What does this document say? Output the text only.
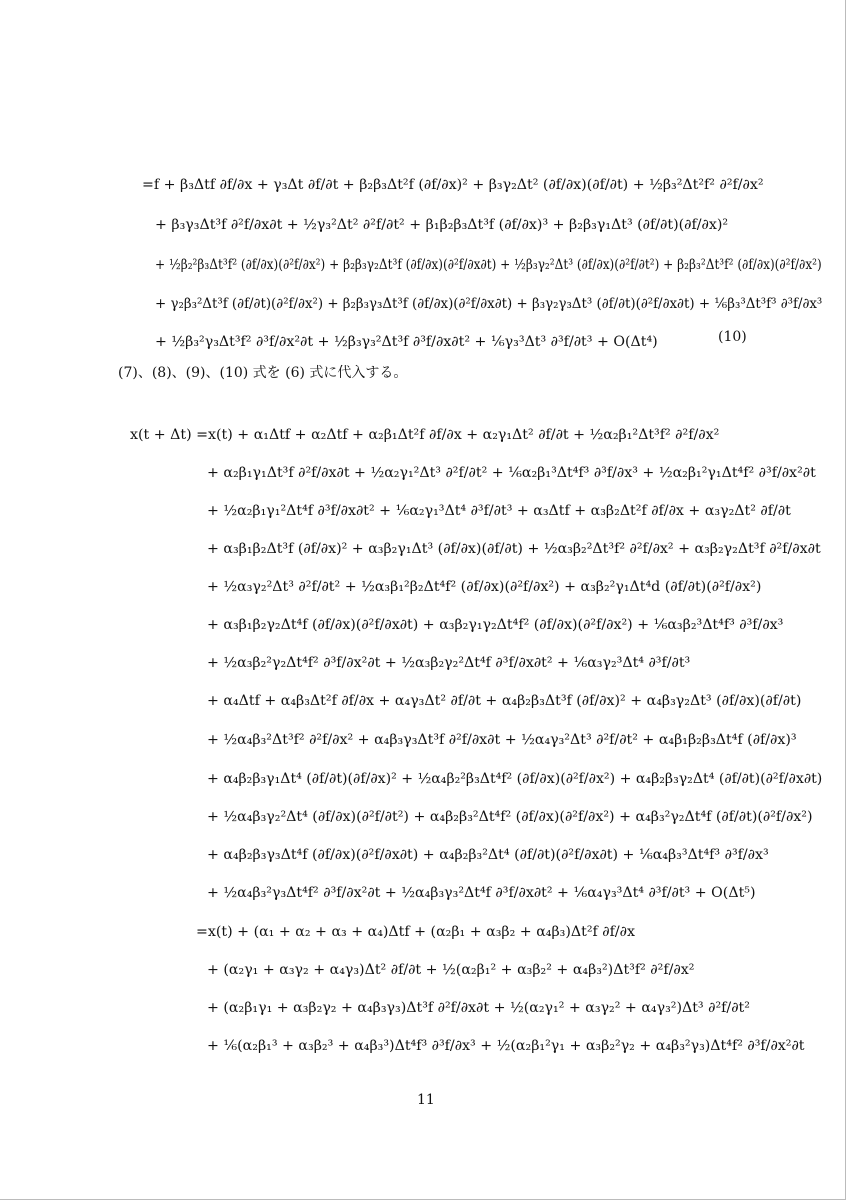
=f + β₃Δtf ∂f/∂x + γ₃Δt ∂f/∂t + β₂β₃Δt²f (∂f/∂x)² + β₃γ₂Δt² (∂f/∂x)(∂f/∂t) + ½β₃²Δt²f² ∂²f/∂x²
+ β₃γ₃Δt³f ∂²f/∂x∂t + ½γ₃²Δt² ∂²f/∂t² + β₁β₂β₃Δt³f (∂f/∂x)³ + β₂β₃γ₁Δt³ (∂f/∂t)(∂f/∂x)²
+ ½β₂²β₃Δt³f² (∂f/∂x)(∂²f/∂x²) + β₂β₃γ₂Δt³f (∂f/∂x)(∂²f/∂x∂t) + ½β₃γ₂²Δt³ (∂f/∂x)(∂²f/∂t²) + β₂β₃²Δt³f² (∂f/∂x)(∂²f/∂x²)
+ γ₂β₃²Δt³f (∂f/∂t)(∂²f/∂x²) + β₂β₃γ₃Δt³f (∂f/∂x)(∂²f/∂x∂t) + β₃γ₂γ₃Δt³ (∂f/∂t)(∂²f/∂x∂t) + ⅙β₃³Δt³f³ ∂³f/∂x³
+ ½β₃²γ₃Δt³f² ∂³f/∂x²∂t + ½β₃γ₃²Δt³f ∂³f/∂x∂t² + ⅙γ₃³Δt³ ∂³f/∂t³ + O(Δt⁴)	(10)
(7)、(8)、(9)、(10) 式を (6) 式に代入する。
x(t + Δt) =x(t) + α₁Δtf + α₂Δtf + α₂β₁Δt²f ∂f/∂x + α₂γ₁Δt² ∂f/∂t + ½α₂β₁²Δt³f² ∂²f/∂x²
+ α₂β₁γ₁Δt³f ∂²f/∂x∂t + ½α₂γ₁²Δt³ ∂²f/∂t² + ⅙α₂β₁³Δt⁴f³ ∂³f/∂x³ + ½α₂β₁²γ₁Δt⁴f² ∂³f/∂x²∂t
+ ½α₂β₁γ₁²Δt⁴f ∂³f/∂x∂t² + ⅙α₂γ₁³Δt⁴ ∂³f/∂t³ + α₃Δtf + α₃β₂Δt²f ∂f/∂x + α₃γ₂Δt² ∂f/∂t
+ α₃β₁β₂Δt³f (∂f/∂x)² + α₃β₂γ₁Δt³ (∂f/∂x)(∂f/∂t) + ½α₃β₂²Δt³f² ∂²f/∂x² + α₃β₂γ₂Δt³f ∂²f/∂x∂t
+ ½α₃γ₂²Δt³ ∂²f/∂t² + ½α₃β₁²β₂Δt⁴f² (∂f/∂x)(∂²f/∂x²) + α₃β₂²γ₁Δt⁴d (∂f/∂t)(∂²f/∂x²)
+ α₃β₁β₂γ₂Δt⁴f (∂f/∂x)(∂²f/∂x∂t) + α₃β₂γ₁γ₂Δt⁴f² (∂f/∂x)(∂²f/∂x²) + ⅙α₃β₂³Δt⁴f³ ∂³f/∂x³
+ ½α₃β₂²γ₂Δt⁴f² ∂³f/∂x²∂t + ½α₃β₂γ₂²Δt⁴f ∂³f/∂x∂t² + ⅙α₃γ₂³Δt⁴ ∂³f/∂t³
+ α₄Δtf + α₄β₃Δt²f ∂f/∂x + α₄γ₃Δt² ∂f/∂t + α₄β₂β₃Δt³f (∂f/∂x)² + α₄β₃γ₂Δt³ (∂f/∂x)(∂f/∂t)
+ ½α₄β₃²Δt³f² ∂²f/∂x² + α₄β₃γ₃Δt³f ∂²f/∂x∂t + ½α₄γ₃²Δt³ ∂²f/∂t² + α₄β₁β₂β₃Δt⁴f (∂f/∂x)³
+ α₄β₂β₃γ₁Δt⁴ (∂f/∂t)(∂f/∂x)² + ½α₄β₂²β₃Δt⁴f² (∂f/∂x)(∂²f/∂x²) + α₄β₂β₃γ₂Δt⁴ (∂f/∂t)(∂²f/∂x∂t)
+ ½α₄β₃γ₂²Δt⁴ (∂f/∂x)(∂²f/∂t²) + α₄β₂β₃²Δt⁴f² (∂f/∂x)(∂²f/∂x²) + α₄β₃²γ₂Δt⁴f (∂f/∂t)(∂²f/∂x²)
+ α₄β₂β₃γ₃Δt⁴f (∂f/∂x)(∂²f/∂x∂t) + α₄β₂β₃²Δt⁴ (∂f/∂t)(∂²f/∂x∂t) + ⅙α₄β₃³Δt⁴f³ ∂³f/∂x³
+ ½α₄β₃²γ₃Δt⁴f² ∂³f/∂x²∂t + ½α₄β₃γ₃²Δt⁴f ∂³f/∂x∂t² + ⅙α₄γ₃³Δt⁴ ∂³f/∂t³ + O(Δt⁵)
=x(t) + (α₁ + α₂ + α₃ + α₄)Δtf + (α₂β₁ + α₃β₂ + α₄β₃)Δt²f ∂f/∂x
+ (α₂γ₁ + α₃γ₂ + α₄γ₃)Δt² ∂f/∂t + ½(α₂β₁² + α₃β₂² + α₄β₃²)Δt³f² ∂²f/∂x²
+ (α₂β₁γ₁ + α₃β₂γ₂ + α₄β₃γ₃)Δt³f ∂²f/∂x∂t + ½(α₂γ₁² + α₃γ₂² + α₄γ₃²)Δt³ ∂²f/∂t²
+ ⅙(α₂β₁³ + α₃β₂³ + α₄β₃³)Δt⁴f³ ∂³f/∂x³ + ½(α₂β₁²γ₁ + α₃β₂²γ₂ + α₄β₃²γ₃)Δt⁴f² ∂³f/∂x²∂t
11
